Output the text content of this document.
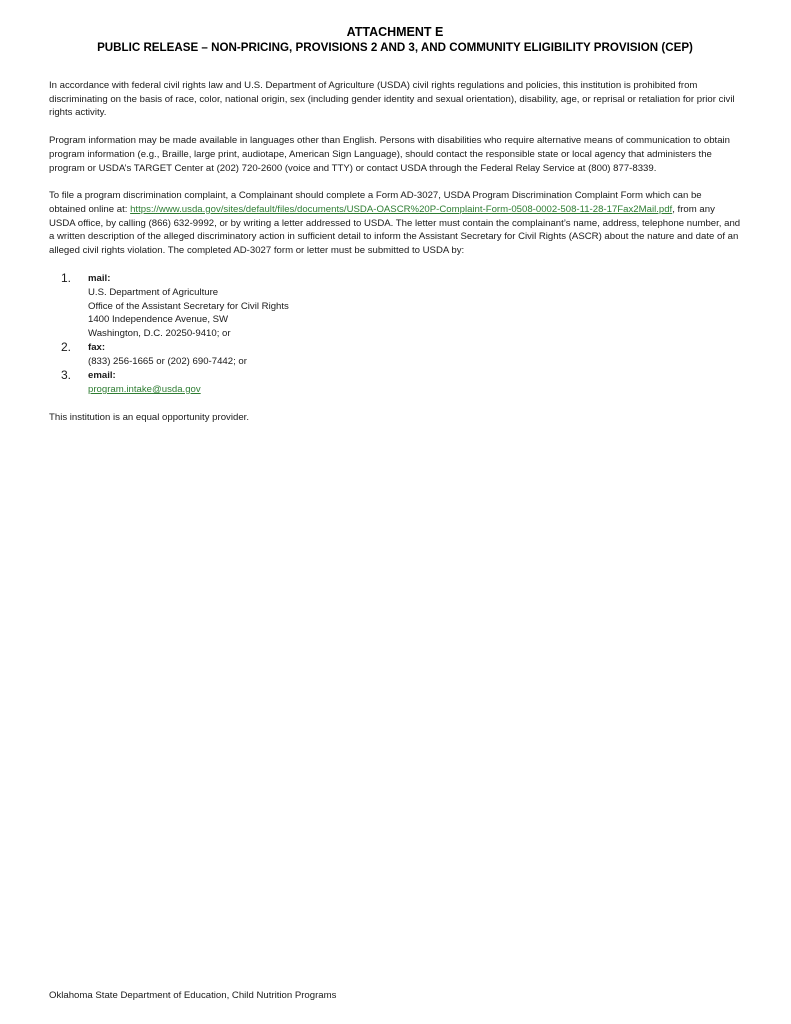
ATTACHMENT E
PUBLIC RELEASE – NON-PRICING, PROVISIONS 2 AND 3, AND COMMUNITY ELIGIBILITY PROVISION (CEP)

In accordance with federal civil rights law and U.S. Department of Agriculture (USDA) civil rights regulations and policies, this institution is prohibited from discriminating on the basis of race, color, national origin, sex (including gender identity and sexual orientation), disability, age, or reprisal or retaliation for prior civil rights activity.

Program information may be made available in languages other than English. Persons with disabilities who require alternative means of communication to obtain program information (e.g., Braille, large print, audiotape, American Sign Language), should contact the responsible state or local agency that administers the program or USDA’s TARGET Center at (202) 720-2600 (voice and TTY) or contact USDA through the Federal Relay Service at (800) 877-8339.

To file a program discrimination complaint, a Complainant should complete a Form AD-3027, USDA Program Discrimination Complaint Form which can be obtained online at: https://www.usda.gov/sites/default/files/documents/USDA-OASCR%20P-Complaint-Form-0508-0002-508-11-28-17Fax2Mail.pdf, from any USDA office, by calling (866) 632-9992, or by writing a letter addressed to USDA. The letter must contain the complainant’s name, address, telephone number, and a written description of the alleged discriminatory action in sufficient detail to inform the Assistant Secretary for Civil Rights (ASCR) about the nature and date of an alleged civil rights violation. The completed AD-3027 form or letter must be submitted to USDA by:

1. mail:
U.S. Department of Agriculture
Office of the Assistant Secretary for Civil Rights
1400 Independence Avenue, SW
Washington, D.C. 20250-9410; or
2. fax:
(833) 256-1665 or (202) 690-7442; or
3. email:
program.intake@usda.gov

This institution is an equal opportunity provider.

Oklahoma State Department of Education, Child Nutrition Programs
